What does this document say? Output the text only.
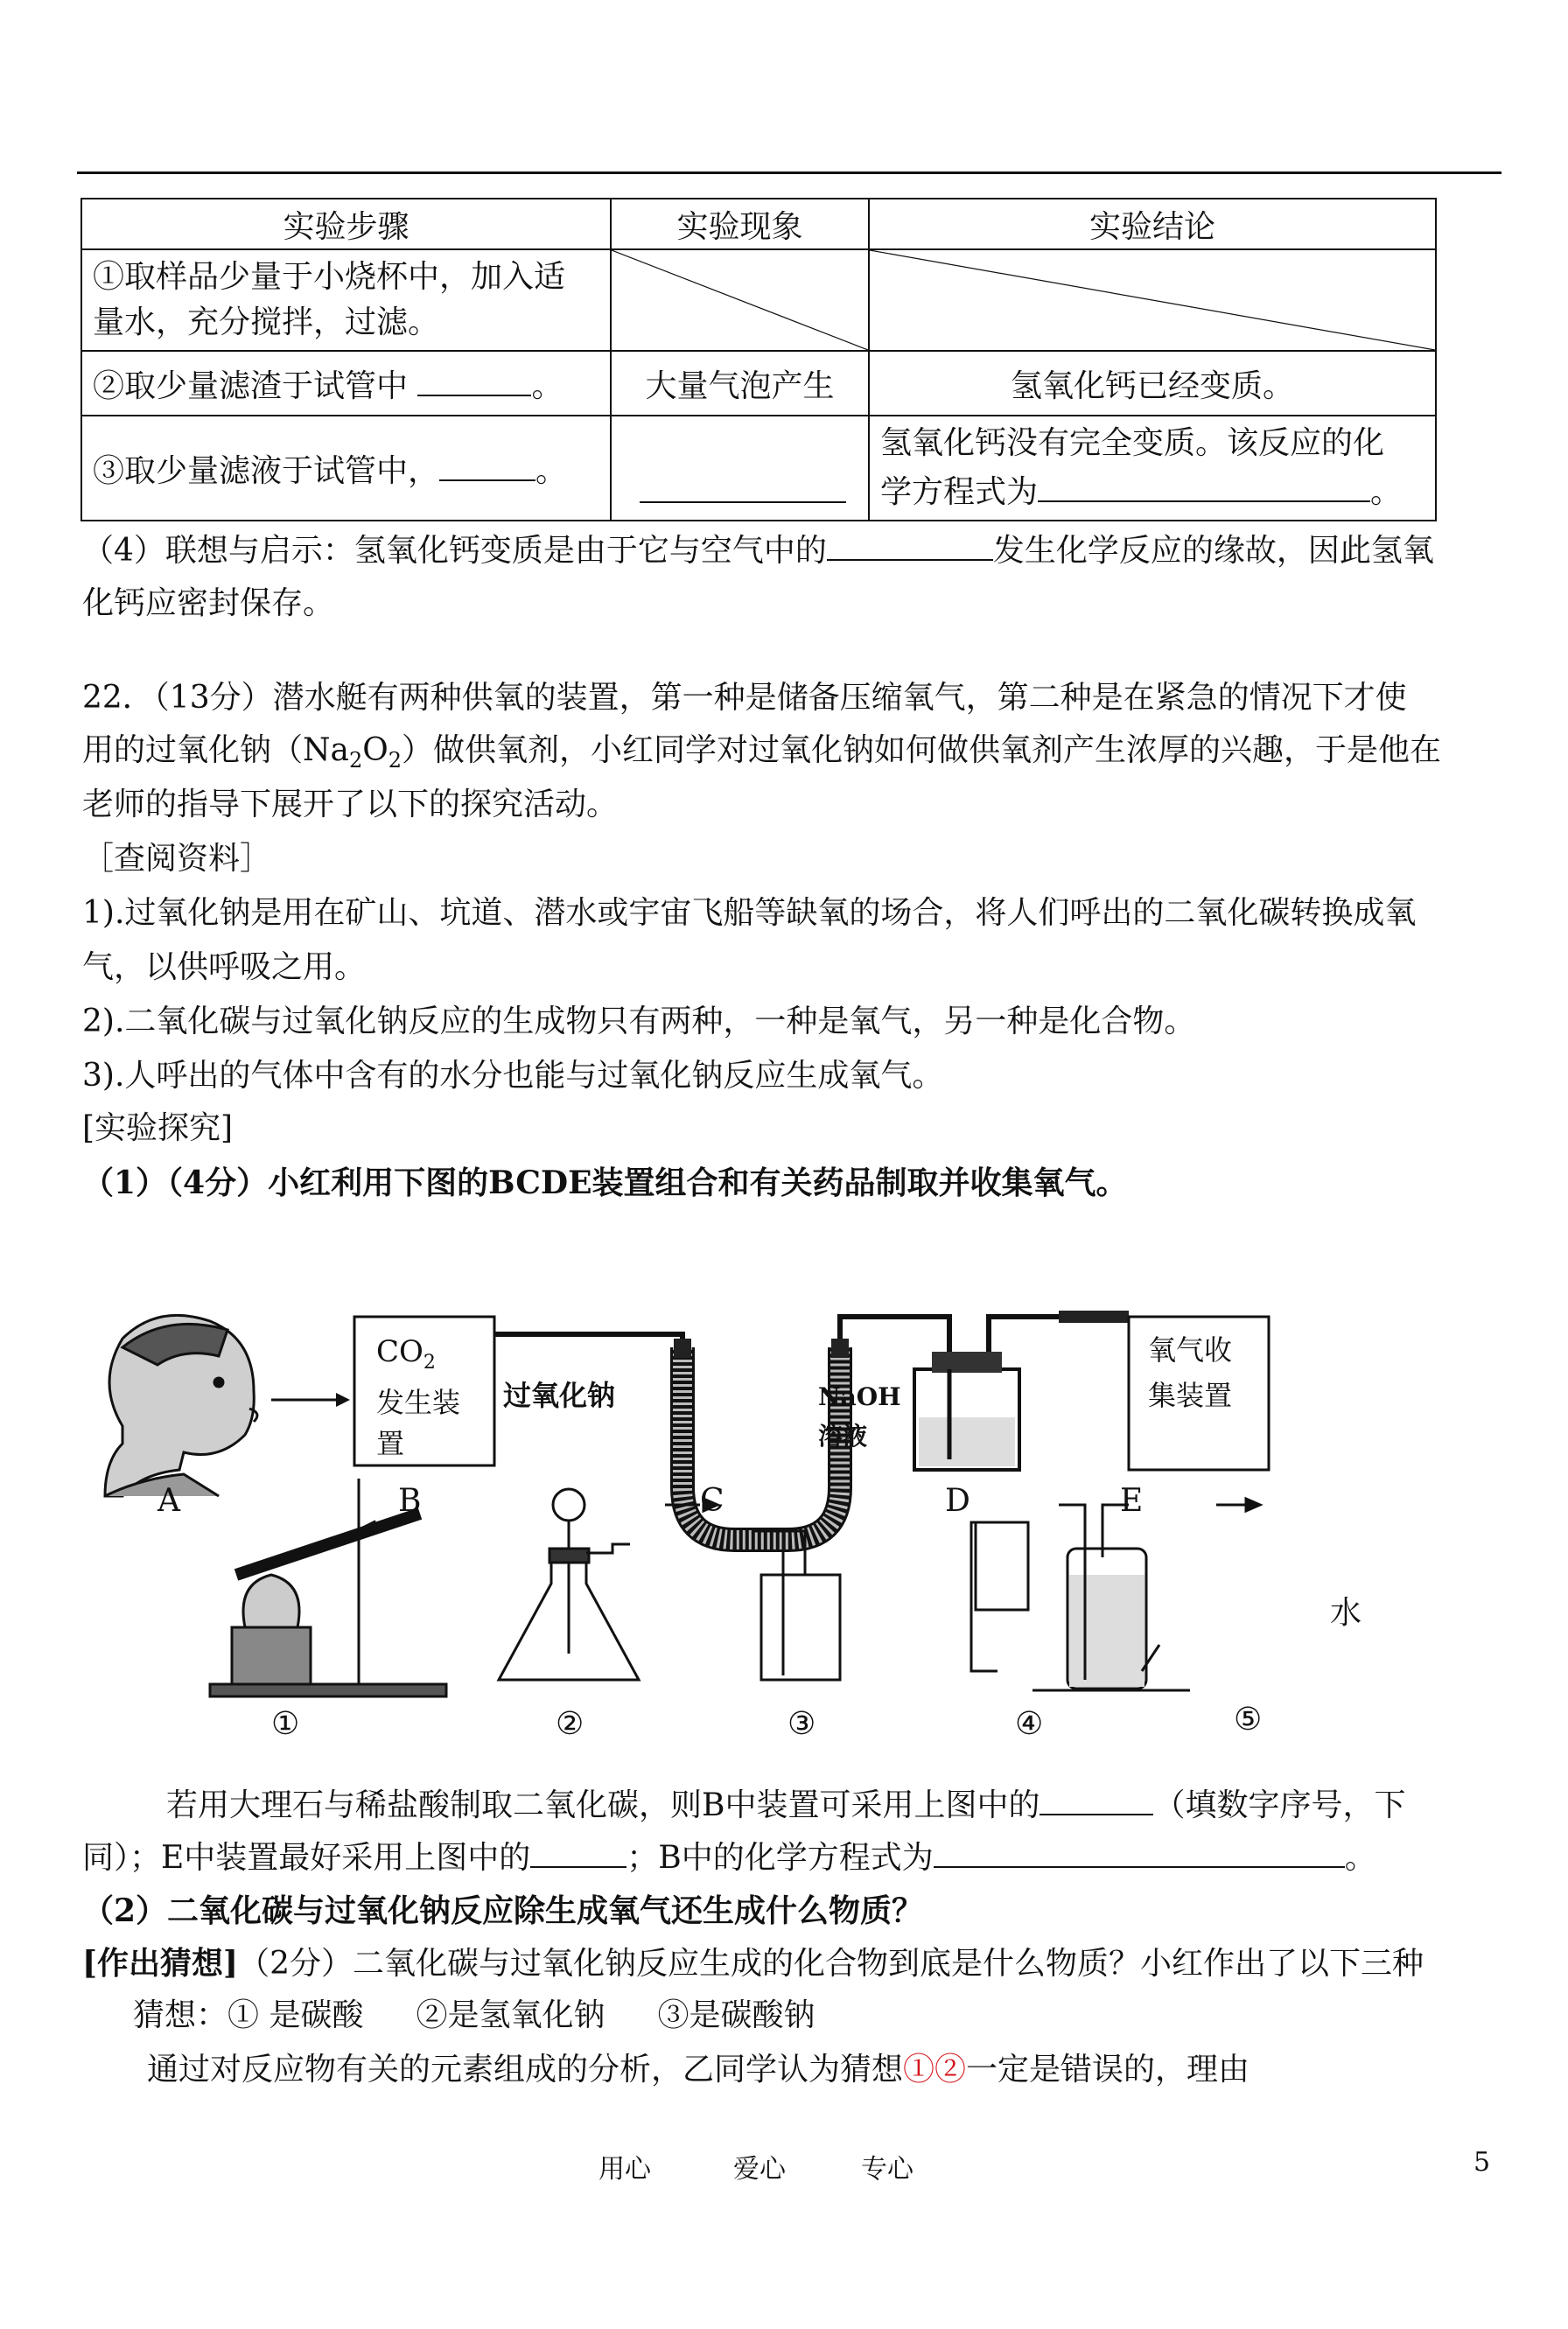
实验步骤	实验现象	实验结论

①取样品少量于小烧杯中，加入适
量水，充分搅拌，过滤。

②取少量滤渣于试管中 。	大量气泡产生	氢氧化钙已经变质。
③取少量滤液于试管中， 。		氢氧化钙没有完全变质。该反应的化
学方程式为 。
（4）联想与启示：氢氧化钙变质是由于它与空气中的	发生化学反应的缘故，因此氢氧
化钙应密封保存。
22．（13分）潜水艇有两种供氧的装置，第一种是储备压缩氧气，第二种是在紧急的情况下才使
用的过氧化钠$(Na_2O_2)$做供氧剂，小红同学对过氧化钠如何做供氧剂产生浓厚的兴趣，于是他在
老师的指导下展开了以下的探究活动。
［查阅资料］
1).过氧化钠是用在矿山、坑道、潜水或宇宙飞船等缺氧的场合，将人们呼出的二氧化碳转换成氧
气，以供呼吸之用。
2).二氧化碳与过氧化钠反应的生成物只有两种，一种是氧气，另一种是化合物。
3).人呼出的气体中含有的水分也能与过氧化钠反应生成氧气。
[实验探究]
（1）（4分）小红利用下图的BCDE装置组合和有关药品制取并收集氧气。
$CO_2$
发生装
置
过氧化钠	NaOH
溶液
氧气收
集装置
A	B	C	D	E
①	②	③	④	⑤
水
若用大理石与稀盐酸制取二氧化碳，则B中装置可采用上图中的	（填数字序号，下
同）；E中装置最好采用上图中的	；B中的化学方程式为	。
（2）二氧化碳与过氧化钠反应除生成氧气还生成什么物质？
[作出猜想]（2分）二氧化碳与过氧化钠反应生成的化合物到底是什么物质？小红作出了以下三种
猜想：① 是碳酸 ②是氢氧化钠 ③是碳酸钠
通过对反应物有关的元素组成的分析，乙同学认为猜想①②一定是错误的，理由
用心	爱心	专心	5
